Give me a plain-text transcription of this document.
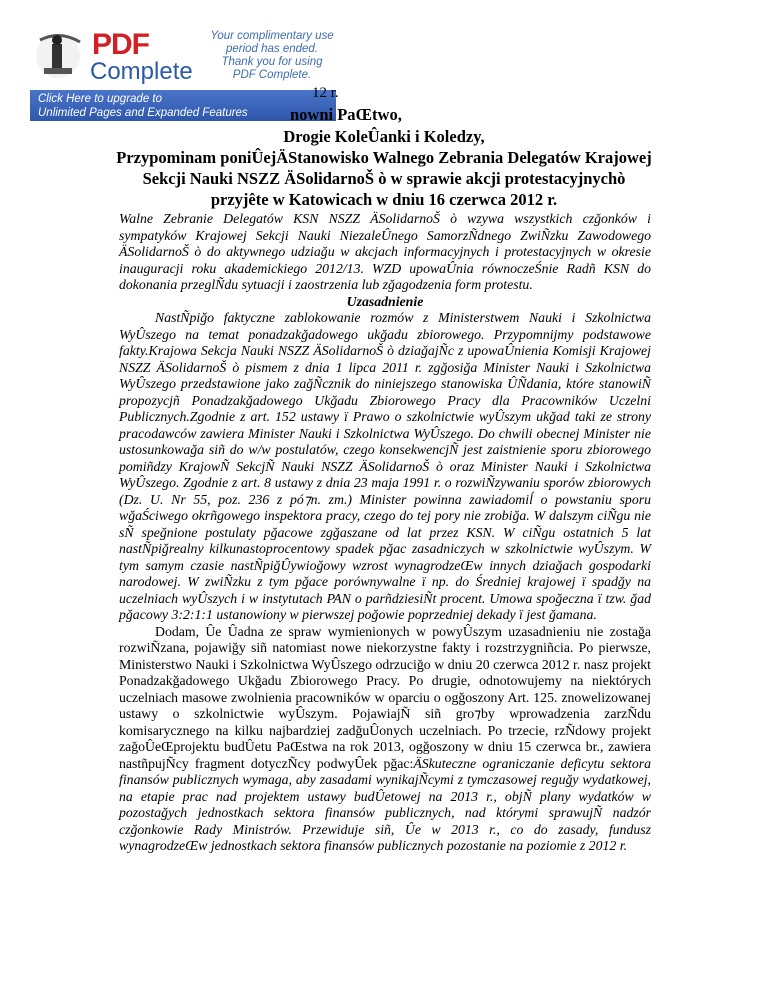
PDF
Complete
Your complimentary use period has ended. Thank you for using PDF Complete.
Click Here to upgrade to
Unlimited Pages and Expanded Features
12 r.
nowni PaŒtwo,
Drogie KoleÛanki i Koledzy,
Przypominam poniÛejÄStanowisko Walnego Zebrania Delegatów Krajowej
Sekcji Nauki NSZZ ÄSolidarnoŠ ò w sprawie akcji protestacyjnychò
przyjête w Katowicach w dniu 16 czerwca 2012 r.

Walne Zebranie Delegatów KSN NSZZ ÄSolidarnoŠ ò wzywa wszystkich czğonków i sympatyków Krajowej Sekcji Nauki NiezaleÛnego SamorzÑdnego ZwiÑzku Zawodowego ÄSolidarnoŠ ò do aktywnego udziağu w akcjach informacyjnych i protestacyjnych w okresie inauguracji roku akademickiego 2012/13. WZD upowaÛnia równoczeŚnie Radñ KSN do dokonania przeglÑdu sytuacji i zaostrzenia lub zğagodzenia form protestu.

Uzasadnienie

NastÑpiğo faktyczne zablokowanie rozmów z Ministerstwem Nauki i Szkolnictwa WyÛszego na temat ponadzakğadowego ukğadu zbiorowego. Przypomnijmy podstawowe fakty.Krajowa Sekcja Nauki NSZZ ÄSolidarnoŠ ò dziağajÑc z upowaÛnienia Komisji Krajowej NSZZ ÄSolidarnoŠ ò pismem z dnia 1 lipca 2011 r. zgğosiğa Minister Nauki i Szkolnictwa WyÛszego przedstawione jako zağÑcznik do niniejszego stanowiska ÛÑdania, które stanowiÑ propozycjñ Ponadzakğadowego Ukğadu Zbiorowego Pracy dla Pracowników Uczelni Publicznych.Zgodnie z art. 152 ustawy ï Prawo o szkolnictwie wyÛszym ukğad taki ze strony pracodawców zawiera Minister Nauki i Szkolnictwa WyÛszego. Do chwili obecnej Minister nie ustosunkowağa siñ do w/w postulatów, czego konsekwencjÑ jest zaistnienie sporu zbiorowego pomiñdzy KrajowÑ SekcjÑ Nauki NSZZ ÄSolidarnoŠ ò oraz Minister Nauki i Szkolnictwa WyÛszego. Zgodnie z art. 8 ustawy z dnia 23 maja 1991 r. o rozwiÑzywaniu sporów zbiorowych (Dz. U. Nr 55, poz. 236 z pó⁊n. zm.) Minister powinna zawiadomiĺ o powstaniu sporu wğaŚciwego okrñgowego inspektora pracy, czego do tej pory nie zrobiğa. W dalszym ciÑgu nie sÑ speğnione postulaty pğacowe zgğaszane od lat przez KSN. W ciÑgu ostatnich 5 lat nastÑpiğrealny kilkunastoprocentowy spadek pğac zasadniczych w szkolnictwie wyÛszym. W tym samym czasie nastÑpiğÛywioğowy wzrost wynagrodzeŒw innych dziağach gospodarki narodowej. W zwiÑzku z tym pğace porównywalne ï np. do Średniej krajowej ï spadğy na uczelniach wyÛszych i w instytutach PAN o parñdziesiÑt procent. Umowa spoğeczna ï tzw. ğad pğacowy 3:2:1:1 ustanowiony w pierwszej poğowie poprzedniej dekady ï jest ğamana.

Dodam, Ûe Ûadna ze spraw wymienionych w powyÛszym uzasadnieniu nie zostağa rozwiÑzana, pojawiğy siñ natomiast nowe niekorzystne fakty i rozstrzygniñcia. Po pierwsze, Ministerstwo Nauki i Szkolnictwa WyÛszego odrzuciğo w dniu 20 czerwca 2012 r. nasz projekt Ponadzakğadowego Ukğadu Zbiorowego Pracy. Po drugie, odnotowujemy na niektórych uczelniach masowe zwolnienia pracowników w oparciu o ogğoszony Art. 125. znowelizowanej ustawy o szkolnictwie wyÛszym. PojawiajÑ siñ gro⁊by wprowadzenia zarzÑdu komisarycznego na kilku najbardziej zadğuÛonych uczelniach. Po trzecie, rzÑdowy projekt zağoÛeŒprojektu budÛetu PaŒstwa na rok 2013, ogğoszony w dniu 15 czerwca br., zawiera nastñpujÑcy fragment dotyczÑcy podwyÛek pğac:ÄSkuteczne ograniczanie deficytu sektora finansów publicznych wymaga, aby zasadami wynikajÑcymi z tymczasowej reguğy wydatkowej, na etapie prac nad projektem ustawy budÛetowej na 2013 r., objÑ plany wydatków w pozostağych jednostkach sektora finansów publicznych, nad którymi sprawujÑ nadzór czğonkowie Rady Ministrów. Przewiduje siñ, Ûe w 2013 r., co do zasady, fundusz wynagrodzeŒw jednostkach sektora finansów publicznych pozostanie na poziomie z 2012 r.
